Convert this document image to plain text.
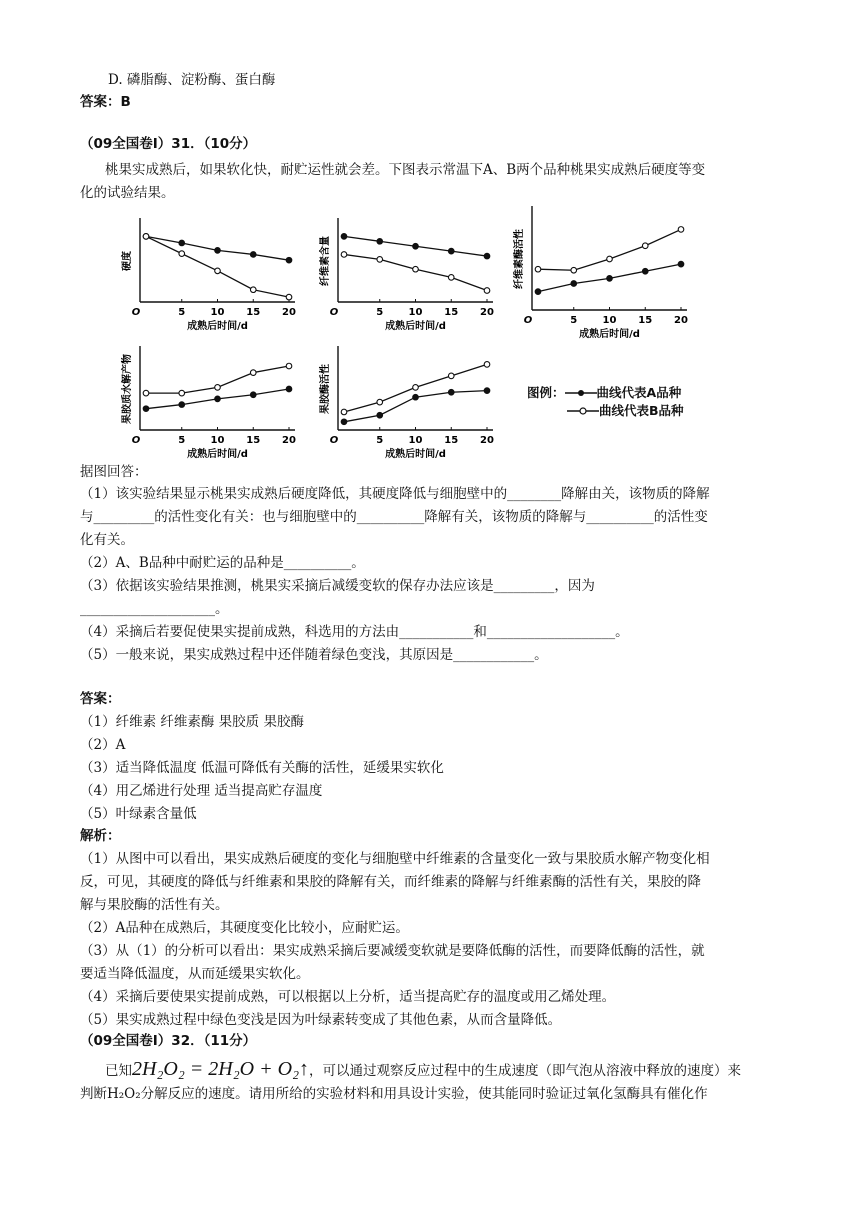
D. 磷脂酶、淀粉酶、蛋白酶
答案：B
（09全国卷Ⅰ）31．（10分）
桃果实成熟后，如果软化快，耐贮运性就会差。下图表示常温下A、B两个品种桃果实成熟后硬度等变
化的试验结果。
O	5	10 15 20
成熟后时间/d
硬度
O	5	10 15 20
成熟后时间/d
纤维素含量
O	5	10 15 20
成熟后时间/d
纤维素酶活性
O	5	10 15 20
成熟后时间/d
果胶质水解产物
O	5	10 15 20
成熟后时间/d
果胶酶活性	图例：	曲线代表A品种
曲线代表B品种
据图回答：
（1）该实验结果显示桃果实成熟后硬度降低，其硬度降低与细胞壁中的________降解由关，该物质的降解
与_________的活性变化有关：也与细胞壁中的__________降解有关，该物质的降解与__________的活性变
化有关。
（2）A、B品种中耐贮运的品种是__________。
（3）依据该实验结果推测，桃果实采摘后减缓变软的保存办法应该是_________，因为
____________________。
（4）采摘后若要促使果实提前成熟，科选用的方法由___________和___________________。
（5）一般来说，果实成熟过程中还伴随着绿色变浅，其原因是____________。
答案：
（1）纤维素 纤维素酶 果胶质 果胶酶
（2）A
（3）适当降低温度 低温可降低有关酶的活性，延缓果实软化
（4）用乙烯进行处理 适当提高贮存温度
（5）叶绿素含量低
解析：
（1）从图中可以看出，果实成熟后硬度的变化与细胞壁中纤维素的含量变化一致与果胶质水解产物变化相
反，可见，其硬度的降低与纤维素和果胶的降解有关，而纤维素的降解与纤维素酶的活性有关，果胶的降
解与果胶酶的活性有关。
（2）A品种在成熟后，其硬度变化比较小，应耐贮运。
（3）从（1）的分析可以看出：果实成熟采摘后要减缓变软就是要降低酶的活性，而要降低酶的活性，就
要适当降低温度，从而延缓果实软化。
（4）采摘后要使果实提前成熟，可以根据以上分析，适当提高贮存的温度或用乙烯处理。
（5）果实成熟过程中绿色变浅是因为叶绿素转变成了其他色素，从而含量降低。
（09全国卷Ⅰ）32．（11分）
已知2H₂O₂ = 2H₂O + O₂↑，可以通过观察反应过程中的生成速度（即气泡从溶液中释放的速度）来
判断H₂O₂分解反应的速度。请用所给的实验材料和用具设计实验，使其能同时验证过氧化氢酶具有催化作
